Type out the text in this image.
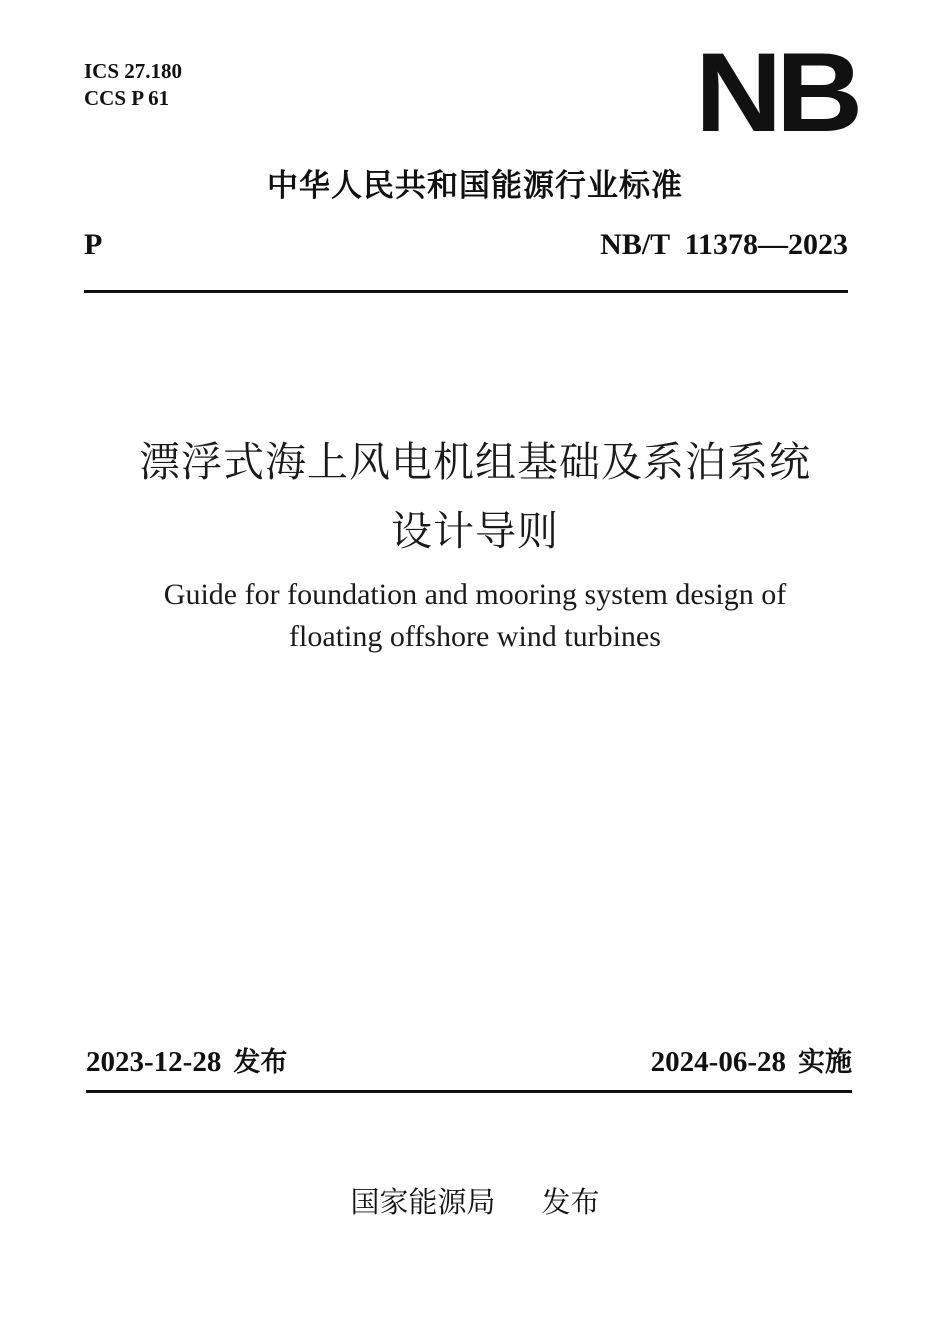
ICS 27.180
CCS P 61	NB
中华人民共和国能源行业标准
P	NB/T  11378—2023
漂浮式海上风电机组基础及系泊系统
设计导则
Guide for foundation and mooring system design of
floating offshore wind turbines
2023-12-28 发布	2024-06-28 实施
国家能源局 发布
